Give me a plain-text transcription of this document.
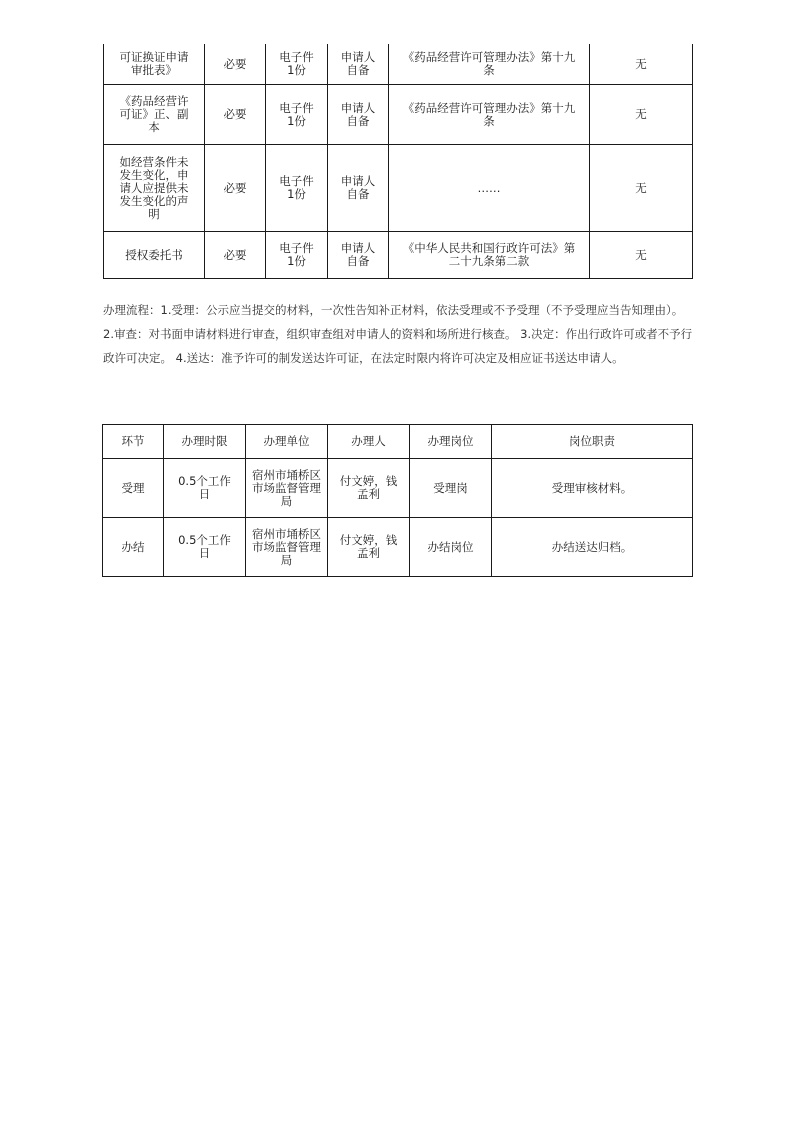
可证换证申请审批表》	必要	电子件 1份	申请人 自备	《药品经营许可管理办法》第十九条	无
《药品经营许可证》正、副本	必要	电子件 1份	申请人 自备	《药品经营许可管理办法》第十九条	无
如经营条件未发生变化，申请人应提供未发生变化的声明	必要	电子件 1份	申请人 自备	……	无
授权委托书	必要	电子件 1份	申请人 自备	《中华人民共和国行政许可法》第二十九条第二款	无

办理流程：1.受理：公示应当提交的材料，一次性告知补正材料，依法受理或不予受理（不予受理应当告知理由）。 2.审查：对书面申请材料进行审查，组织审查组对申请人的资料和场所进行核查。 3.决定：作出行政许可或者不予行政许可决定。 4.送达：准予许可的制发送达许可证，在法定时限内将许可决定及相应证书送达申请人。

环节	办理时限	办理单位	办理人	办理岗位	岗位职责
受理	0.5个工作日	宿州市埇桥区市场监督管理局	付文婷，钱孟利	受理岗	受理审核材料。
办结	0.5个工作日	宿州市埇桥区市场监督管理局	付文婷，钱孟利	办结岗位	办结送达归档。
